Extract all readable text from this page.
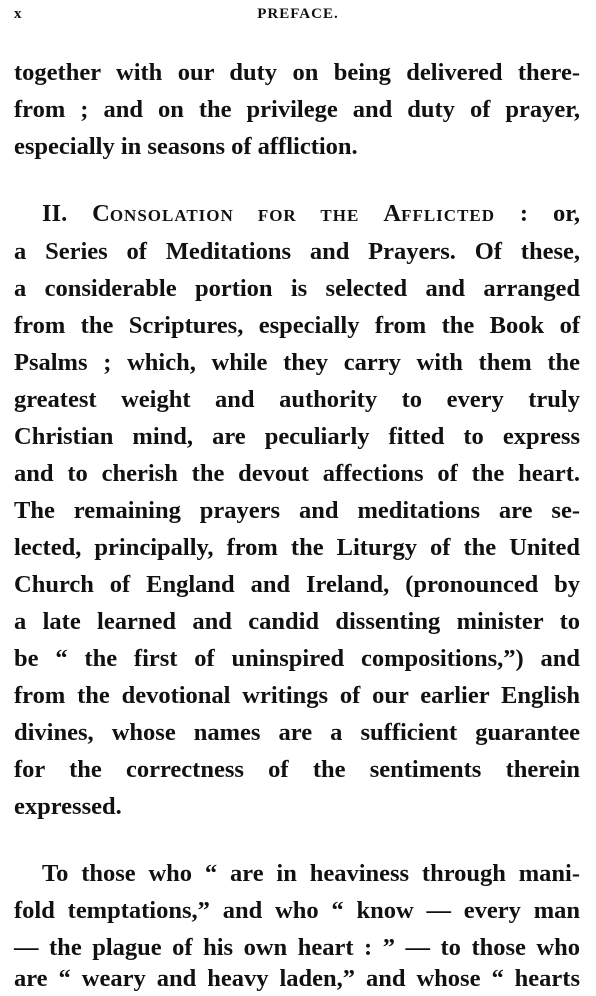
x	PREFACE.
together with our duty on being delivered there-
from ; and on the privilege and duty of prayer,
especially in seasons of affliction.
II. CONSOLATION FOR THE AFFLICTED : or,
a Series of Meditations and Prayers. Of these,
a considerable portion is selected and arranged
from the Scriptures, especially from the Book of
Psalms ; which, while they carry with them the
greatest weight and authority to every truly
Christian mind, are peculiarly fitted to express
and to cherish the devout affections of the heart.
The remaining prayers and meditations are se-
lected, principally, from the Liturgy of the United
Church of England and Ireland, (pronounced by
a late learned and candid dissenting minister to
be “ the first of uninspired compositions,”) and
from the devotional writings of our earlier English
divines, whose names are a sufficient guarantee
for the correctness of the sentiments therein
expressed.
To those who “ are in heaviness through mani-
fold temptations,” and who “ know — every man
— the plague of his own heart : ” — to those who
are “ weary and heavy laden,” and whose “ hearts
